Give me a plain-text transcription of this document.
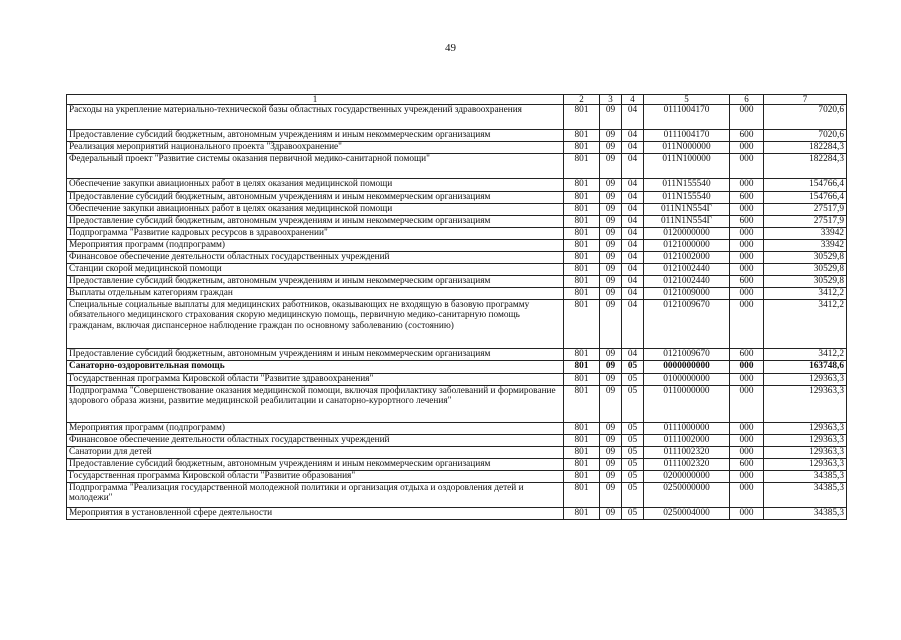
49
1	2	3	4	5	6	7
Расходы на укрепление материально-технической базы областных государственных учреждений здравоохранения	801	09	04	0111004170	000	7020,6
Предоставление субсидий бюджетным, автономным учреждениям и иным некоммерческим организациям	801	09	04	0111004170	600	7020,6
Реализация мероприятий национального проекта "Здравоохранение"	801	09	04	011N000000	000	182284,3
Федеральный проект "Развитие системы оказания первичной медико-санитарной помощи"	801	09	04	011N100000	000	182284,3
Обеспечение закупки авиационных работ в целях оказания медицинской помощи	801	09	04	011N155540	000	154766,4
Предоставление субсидий бюджетным, автономным учреждениям и иным некоммерческим организациям	801	09	04	011N155540	600	154766,4
Обеспечение закупки авиационных работ в целях оказания медицинской помощи	801	09	04	011N1N554Г	000	27517,9
Предоставление субсидий бюджетным, автономным учреждениям и иным некоммерческим организациям	801	09	04	011N1N554Г	600	27517,9
Подпрограмма "Развитие кадровых ресурсов в здравоохранении"	801	09	04	0120000000	000	33942
Мероприятия программ (подпрограмм)	801	09	04	0121000000	000	33942
Финансовое обеспечение деятельности областных государственных учреждений	801	09	04	0121002000	000	30529,8
Станции скорой медицинской помощи	801	09	04	0121002440	000	30529,8
Предоставление субсидий бюджетным, автономным учреждениям и иным некоммерческим организациям	801	09	04	0121002440	600	30529,8
Выплаты отдельным категориям граждан	801	09	04	0121009000	000	3412,2
Специальные социальные выплаты для медицинских работников, оказывающих не входящую в базовую программу обязательного медицинского страхования скорую медицинскую помощь, первичную медико-санитарную помощь гражданам, включая диспансерное наблюдение граждан по основному заболеванию (состоянию)	801	09	04	0121009670	000	3412,2
Предоставление субсидий бюджетным, автономным учреждениям и иным некоммерческим организациям	801	09	04	0121009670	600	3412,2
Санаторно-оздоровительная помощь	801	09	05	0000000000	000	163748,6
Государственная программа Кировской области "Развитие здравоохранения"	801	09	05	0100000000	000	129363,3
Подпрограмма "Совершенствование оказания медицинской помощи, включая профилактику заболеваний и формирование здорового образа жизни, развитие медицинской реабилитации и санаторно-курортного лечения"	801	09	05	0110000000	000	129363,3
Мероприятия программ (подпрограмм)	801	09	05	0111000000	000	129363,3
Финансовое обеспечение деятельности областных государственных учреждений	801	09	05	0111002000	000	129363,3
Санатории для детей	801	09	05	0111002320	000	129363,3
Предоставление субсидий бюджетным, автономным учреждениям и иным некоммерческим организациям	801	09	05	0111002320	600	129363,3
Государственная программа Кировской области "Развитие образования"	801	09	05	0200000000	000	34385,3
Подпрограмма "Реализация государственной молодежной политики и организация отдыха и оздоровления детей и молодежи"	801	09	05	0250000000	000	34385,3
Мероприятия в установленной сфере деятельности	801	09	05	0250004000	000	34385,3
